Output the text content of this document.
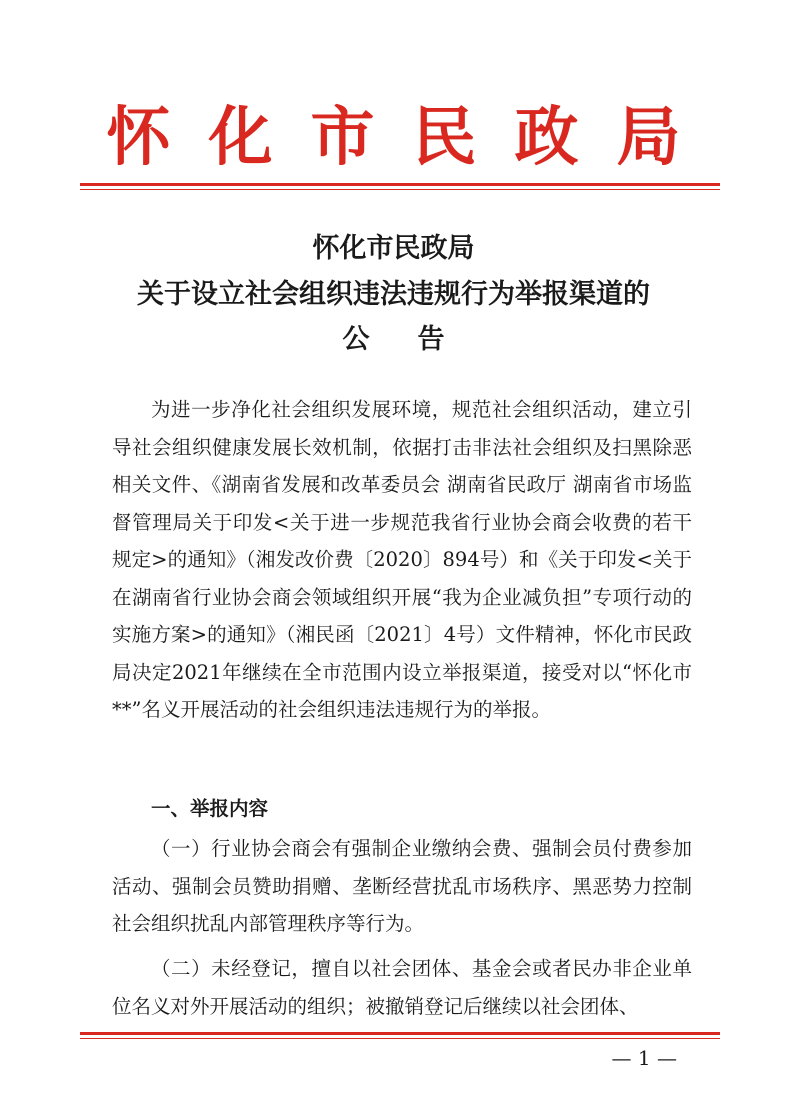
怀化市民政局
怀化市民政局
关于设立社会组织违法违规行为举报渠道的
公告
为进一步净化社会组织发展环境，规范社会组织活动，建立引导社会组织健康发展长效机制，依据打击非法社会组织及扫黑除恶相关文件、《湖南省发展和改革委员会 湖南省民政厅 湖南省市场监督管理局关于印发<关于进一步规范我省行业协会商会收费的若干规定>的通知》（湘发改价费〔2020〕894号）和《关于印发<关于在湖南省行业协会商会领域组织开展“我为企业减负担”专项行动的实施方案>的通知》（湘民函〔2021〕4号）文件精神，怀化市民政局决定2021年继续在全市范围内设立举报渠道，接受对以“怀化市**”名义开展活动的社会组织违法违规行为的举报。
一、举报内容
（一）行业协会商会有强制企业缴纳会费、强制会员付费参加活动、强制会员赞助捐赠、垄断经营扰乱市场秩序、黑恶势力控制社会组织扰乱内部管理秩序等行为。
（二）未经登记，擅自以社会团体、基金会或者民办非企业单位名义对外开展活动的组织；被撤销登记后继续以社会团体、
— 1 —
